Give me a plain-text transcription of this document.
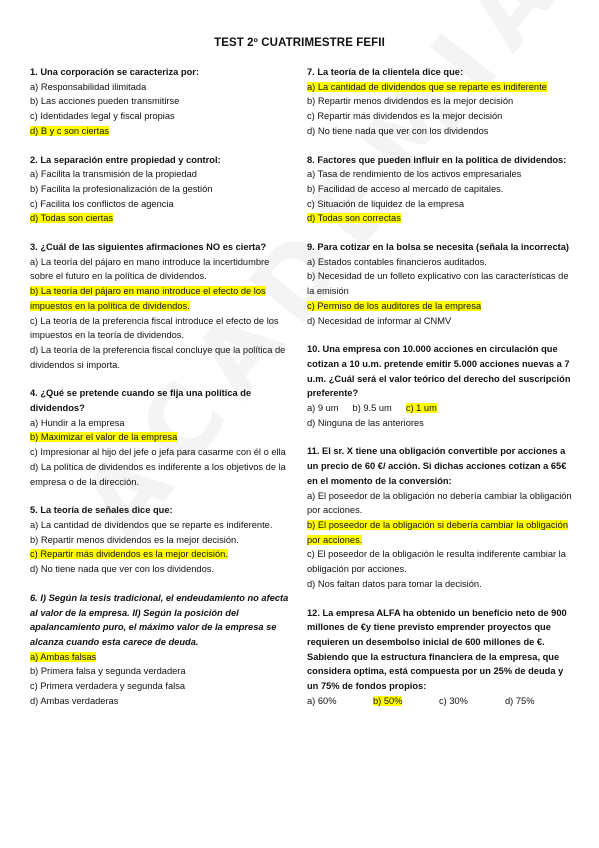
TEST 2º CUATRIMESTRE FEFII
1. Una corporación se caracteriza por:
a) Responsabilidad ilimitada
b) Las acciones pueden transmitirse
c) Identidades legal y fiscal propias
d) B y c son ciertas
2. La separación entre propiedad y control:
a) Facilita la transmisión de la propiedad
b) Facilita la profesionalización de la gestión
c) Facilita los conflictos de agencia
d) Todas son ciertas
3. ¿Cuál de las siguientes afirmaciones NO es cierta?
a) La teoría del pájaro en mano introduce la incertidumbre sobre el futuro en la política de dividendos.
b) La teoría del pájaro en mano introduce el efecto de los impuestos en la política de dividendos.
c) La teoría de la preferencia fiscal introduce el efecto de los impuestos en la teoría de dividendos.
d) La teoría de la preferencia fiscal concluye que la política de dividendos si importa.
4. ¿Qué se pretende cuando se fija una política de dividendos?
a) Hundir a la empresa
b) Maximizar el valor de la empresa
c) Impresionar al hijo del jefe o jefa para casarme con él o ella
d) La política de dividendos es indiferente a los objetivos de la empresa o de la dirección.
5. La teoría de señales dice que:
a) La cantidad de dividendos que se reparte es indiferente.
b) Repartir menos dividendos es la mejor decisión.
c) Repartir más dividendos es la mejor decisión.
d) No tiene nada que ver con los dividendos.
6. I) Según la tesis tradicional, el endeudamiento no afecta al valor de la empresa. II) Según la posición del apalancamiento puro, el máximo valor de la empresa se alcanza cuando esta carece de deuda.
a) Ambas falsas
b) Primera falsa y segunda verdadera
c) Primera verdadera y segunda falsa
d) Ambas verdaderas
7. La teoría de la clientela dice que:
a) La cantidad de dividendos que se reparte es indiferente
b) Repartir menos dividendos es la mejor decisión
c) Repartir más dividendos es la mejor decisión
d) No tiene nada que ver con los dividendos
8. Factores que pueden influir en la política de dividendos:
a) Tasa de rendimiento de los activos empresariales
b) Facilidad de acceso al mercado de capitales.
c) Situación de liquidez de la empresa
d) Todas son correctas
9. Para cotizar en la bolsa se necesita (señala la incorrecta)
a) Estados contables financieros auditados.
b) Necesidad de un folleto explicativo con las características de la emisión
c) Permiso de los auditores de la empresa
d) Necesidad de informar al CNMV
10. Una empresa con 10.000 acciones en circulación que cotizan a 10 u.m. pretende emitir 5.000 acciones nuevas a 7 u.m. ¿Cuál será el valor teórico del derecho del suscripción preferente?
a) 9 um b) 9.5 um c) 1 um
d) Ninguna de las anteriores
11. El sr. X tiene una obligación convertible por acciones a un precio de 60 €/ acción. Si dichas acciones cotizan a 65€ en el momento de la conversión:
a) El poseedor de la obligación no debería cambiar la obligación por acciones.
b) El poseedor de la obligación si debería cambiar la obligación por acciones.
c) El poseedor de la obligación le resulta indiferente cambiar la obligación por acciones.
d) Nos faltan datos para tomar la decisión.
12. La empresa ALFA ha obtenido un beneficio neto de 900 millones de €y tiene previsto emprender proyectos que requieren un desembolso inicial de 600 millones de €. Sabiendo que la estructura financiera de la empresa, que considera optima, está compuesta por un 25% de deuda y un 75% de fondos propios:
a) 60%	b) 50%	c) 30%	d) 75%
